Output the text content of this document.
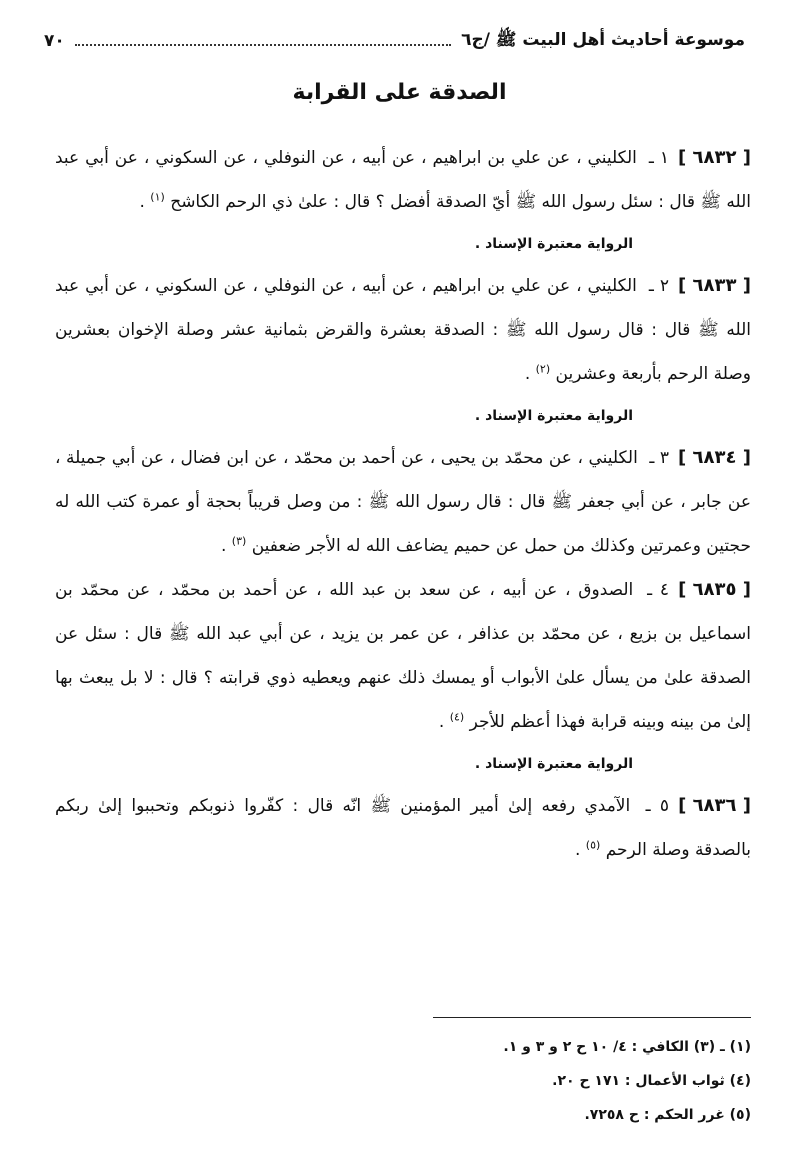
موسوعة أحاديث أهل البيت ﷺ /ج٦
٧٠
الصدقة على القرابة

[ ٦٨٣٢ ]١ ـ الكليني ، عن علي بن ابراهيم ، عن أبيه ، عن النوفلي ، عن السكوني ، عن أبي عبد الله ﷺ قال : سئل رسول الله ﷺ أيّ الصدقة أفضل ؟ قال : علىٰ ذي الرحم الكاشح $^{(١)}$ .

الرواية معتبرة الإسناد .

[ ٦٨٣٣ ]٢ ـ الكليني ، عن علي بن ابراهيم ، عن أبيه ، عن النوفلي ، عن السكوني ، عن أبي عبد الله ﷺ قال : قال رسول الله ﷺ : الصدقة بعشرة والقرض بثمانية عشر وصلة الإخوان بعشرين وصلة الرحم بأربعة وعشرين $^{(٢)}$ .

الرواية معتبرة الإسناد .

[ ٦٨٣٤ ]٣ ـ الكليني ، عن محمّد بن يحيى ، عن أحمد بن محمّد ، عن ابن فضال ، عن أبي جميلة ، عن جابر ، عن أبي جعفر ﷺ قال : قال رسول الله ﷺ : من وصل قريباً بحجة أو عمرة كتب الله له حجتين وعمرتين وكذلك من حمل عن حميم يضاعف الله له الأجر ضعفين $^{(٣)}$ .

[ ٦٨٣٥ ]٤ ـ الصدوق ، عن أبيه ، عن سعد بن عبد الله ، عن أحمد بن محمّد ، عن محمّد بن اسماعيل بن بزيع ، عن محمّد بن عذافر ، عن عمر بن يزيد ، عن أبي عبد الله ﷺ قال : سئل عن الصدقة علىٰ من يسأل علىٰ الأبواب أو يمسك ذلك عنهم ويعطيه ذوي قرابته ؟ قال : لا بل يبعث بها إلىٰ من بينه وبينه قرابة فهذا أعظم للأجر $^{(٤)}$ .

الرواية معتبرة الإسناد .

[ ٦٨٣٦ ]٥ ـ الآمدي رفعه إلىٰ أمير المؤمنين ﷺ انّه قال : كفّروا ذنوبكم وتحببوا إلىٰ ربكم بالصدقة وصلة الرحم $^{(٥)}$ .

(١) ـ (٣) الكافي : ٤/ ١٠ ح ٢ و ٣ و ١.

(٤) ثواب الأعمال : ١٧١ ح ٢٠.

(٥) غرر الحكم : ح ٧٢٥٨.
